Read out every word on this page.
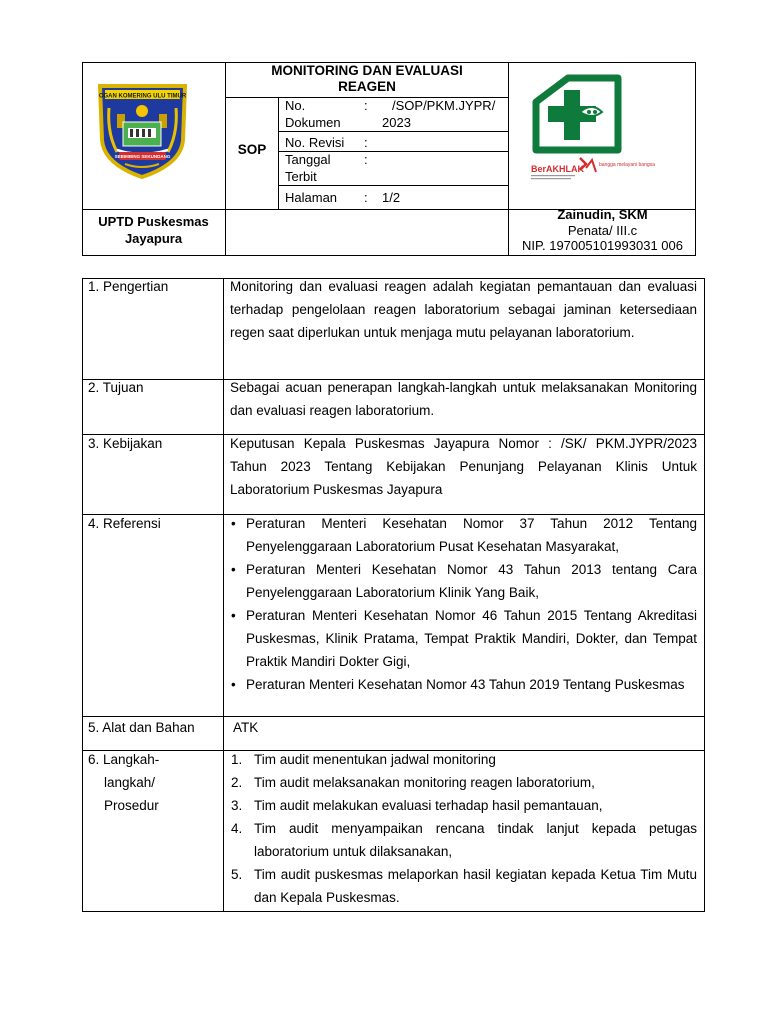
OGAN KOMERING ULU TIMUR
SEBIMBING SEKUNDANG
MONITORING DAN EVALUASI REAGEN
SOP
No.
Dokumen
:	/SOP/PKM.JYPR/
2023
No. Revisi :
Tanggal
Terbit
:
Halaman : 1/2
BerAKHLAK	bangga melayani bangsa
UPTD Puskesmas Jayapura
Zainudin, SKM
Penata/ III.c
NIP. 197005101993031 006
1. Pengertian	Monitoring dan evaluasi reagen adalah kegiatan pemantauan dan evaluasi terhadap pengelolaan reagen laboratorium sebagai jaminan ketersediaan regen saat diperlukan untuk menjaga mutu pelayanan laboratorium.
2. Tujuan	Sebagai acuan penerapan langkah-langkah untuk melaksanakan Monitoring dan evaluasi reagen laboratorium.
3. Kebijakan	Keputusan Kepala Puskesmas Jayapura Nomor : /SK/ PKM.JYPR/2023 Tahun 2023 Tentang Kebijakan Penunjang Pelayanan Klinis Untuk Laboratorium Puskesmas Jayapura
4. Referensi
•	Peraturan Menteri Kesehatan Nomor 37 Tahun 2012 Tentang Penyelenggaraan Laboratorium Pusat Kesehatan Masyarakat,
• Peraturan Menteri Kesehatan Nomor 43 Tahun 2013 tentang Cara Penyelenggaraan Laboratorium Klinik Yang Baik,
• Peraturan Menteri Kesehatan Nomor 46 Tahun 2015 Tentang Akreditasi Puskesmas, Klinik Pratama, Tempat Praktik Mandiri, Dokter, dan Tempat Praktik Mandiri Dokter Gigi,
• Peraturan Menteri Kesehatan Nomor 43 Tahun 2019 Tentang Puskesmas
5. Alat dan Bahan	ATK
6. Langkah-
langkah/
Prosedur
1. Tim audit menentukan jadwal monitoring
2. Tim audit melaksanakan monitoring reagen laboratorium,
3. Tim audit melakukan evaluasi terhadap hasil pemantauan,
4. Tim audit menyampaikan rencana tindak lanjut kepada petugas laboratorium untuk dilaksanakan,
5. Tim audit puskesmas melaporkan hasil kegiatan kepada Ketua Tim Mutu dan Kepala Puskesmas.
